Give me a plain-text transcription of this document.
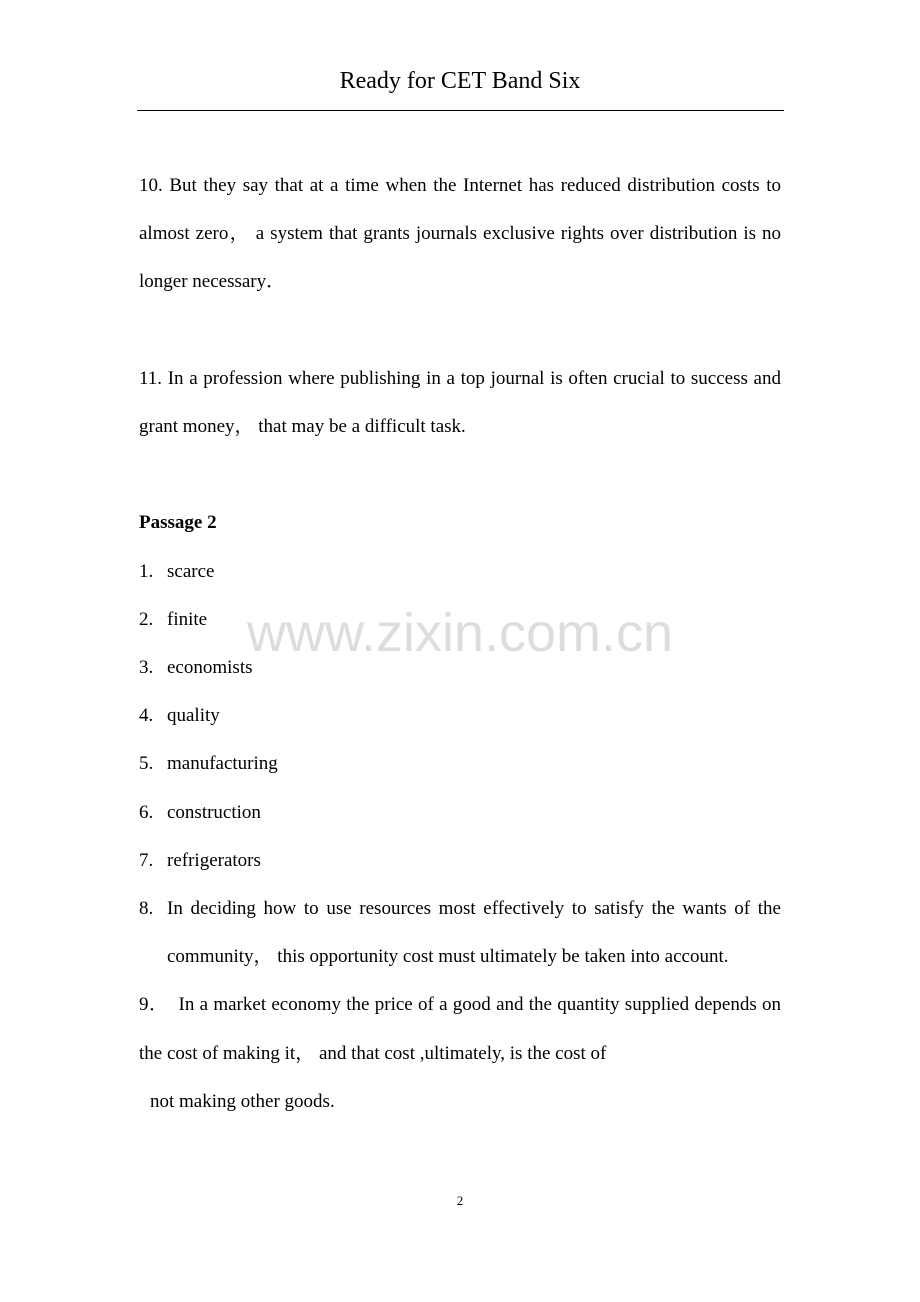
Ready for CET Band Six

10. But they say that at a time when the Internet has reduced distribution costs to almost zero， a system that grants journals exclusive rights over distribution is no longer necessary．

11. In a profession where publishing in a top journal is often crucial to success and grant money， that may be a difficult task.

Passage 2
1. scarce
2. finite
3. economists
4. quality
5. manufacturing
6. construction
7. refrigerators
8. In deciding how to use resources most effectively to satisfy the wants of the community， this opportunity cost must ultimately be taken into account.

9． In a market economy the price of a good and the quantity supplied depends on the cost of making it， and that cost ,ultimately, is the cost of

not making other goods.

www.zixin.com.cn
2
